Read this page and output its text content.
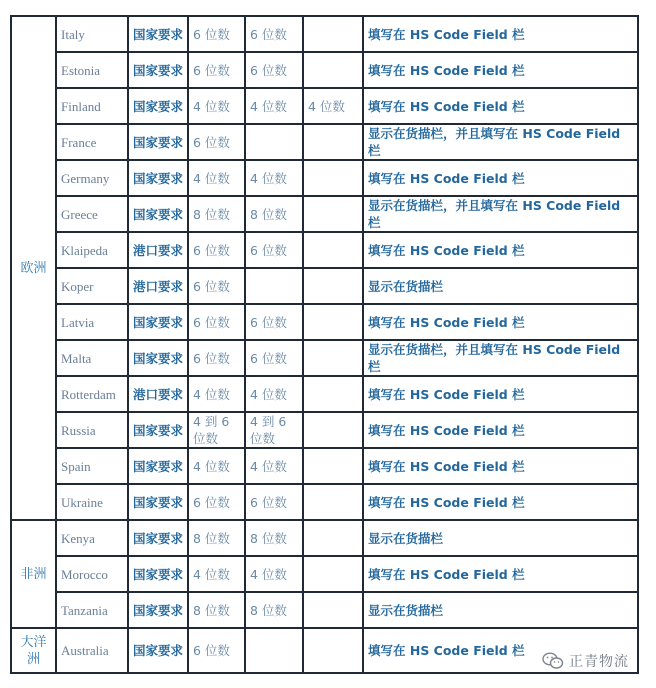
欧洲	Italy	国家要求	6 位数	6 位数		填写在 HS Code Field 栏
	Estonia	国家要求	6 位数	6 位数		填写在 HS Code Field 栏
	Finland	国家要求	4 位数	4 位数	4 位数	填写在 HS Code Field 栏
	France	国家要求	6 位数			显示在货描栏，并且填写在 HS Code Field 栏
	Germany	国家要求	4 位数	4 位数		填写在 HS Code Field 栏
	Greece	国家要求	8 位数	8 位数		显示在货描栏，并且填写在 HS Code Field 栏
	Klaipeda	港口要求	6 位数	6 位数		填写在 HS Code Field 栏
	Koper	港口要求	6 位数			显示在货描栏
	Latvia	国家要求	6 位数	6 位数		填写在 HS Code Field 栏
	Malta	国家要求	6 位数	6 位数		显示在货描栏，并且填写在 HS Code Field 栏
	Rotterdam	港口要求	4 位数	4 位数		填写在 HS Code Field 栏
	Russia	国家要求	4 到 6 位数	4 到 6 位数		填写在 HS Code Field 栏
	Spain	国家要求	4 位数	4 位数		填写在 HS Code Field 栏
	Ukraine	国家要求	6 位数	6 位数		填写在 HS Code Field 栏
非洲	Kenya	国家要求	8 位数	8 位数		显示在货描栏
	Morocco	国家要求	4 位数	4 位数		填写在 HS Code Field 栏
	Tanzania	国家要求	8 位数	8 位数		显示在货描栏
大洋洲	Australia	国家要求	6 位数			填写在 HS Code Field 栏
正青物流
